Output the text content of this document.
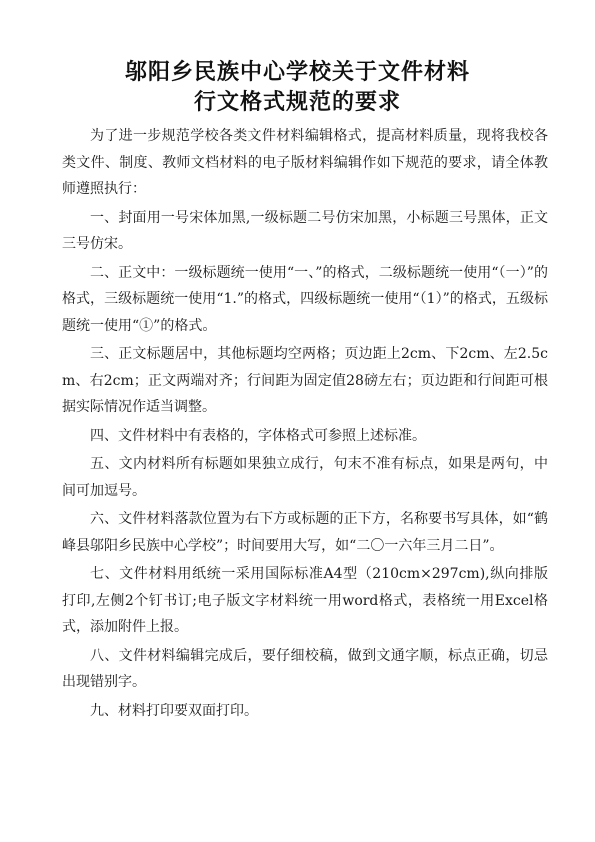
邬阳乡民族中心学校关于文件材料
行文格式规范的要求

为了进一步规范学校各类文件材料编辑格式，提高材料质量，现将我校各类文件、制度、教师文档材料的电子版材料编辑作如下规范的要求，请全体教师遵照执行：

一、封面用一号宋体加黑,一级标题二号仿宋加黑，小标题三号黑体，正文三号仿宋。

二、正文中：一级标题统一使用“一、”的格式，二级标题统一使用“（一）”的格式，三级标题统一使用“1.”的格式，四级标题统一使用“（1）”的格式，五级标题统一使用“①”的格式。

三、正文标题居中，其他标题均空两格；页边距上2cm、下2cm、左2.5cm、右2cm；正文两端对齐；行间距为固定值28磅左右；页边距和行间距可根据实际情况作适当调整。

四、文件材料中有表格的，字体格式可参照上述标准。

五、文内材料所有标题如果独立成行，句末不准有标点，如果是两句，中间可加逗号。

六、文件材料落款位置为右下方或标题的正下方，名称要书写具体，如“鹤峰县邬阳乡民族中心学校”；时间要用大写，如“二〇一六年三月二日”。

七、文件材料用纸统一采用国际标准A4型（210cm×297cm),纵向排版打印,左侧2个钉书订;电子版文字材料统一用word格式，表格统一用Excel格式，添加附件上报。

八、文件材料编辑完成后，要仔细校稿，做到文通字顺，标点正确，切忌出现错别字。

九、材料打印要双面打印。
